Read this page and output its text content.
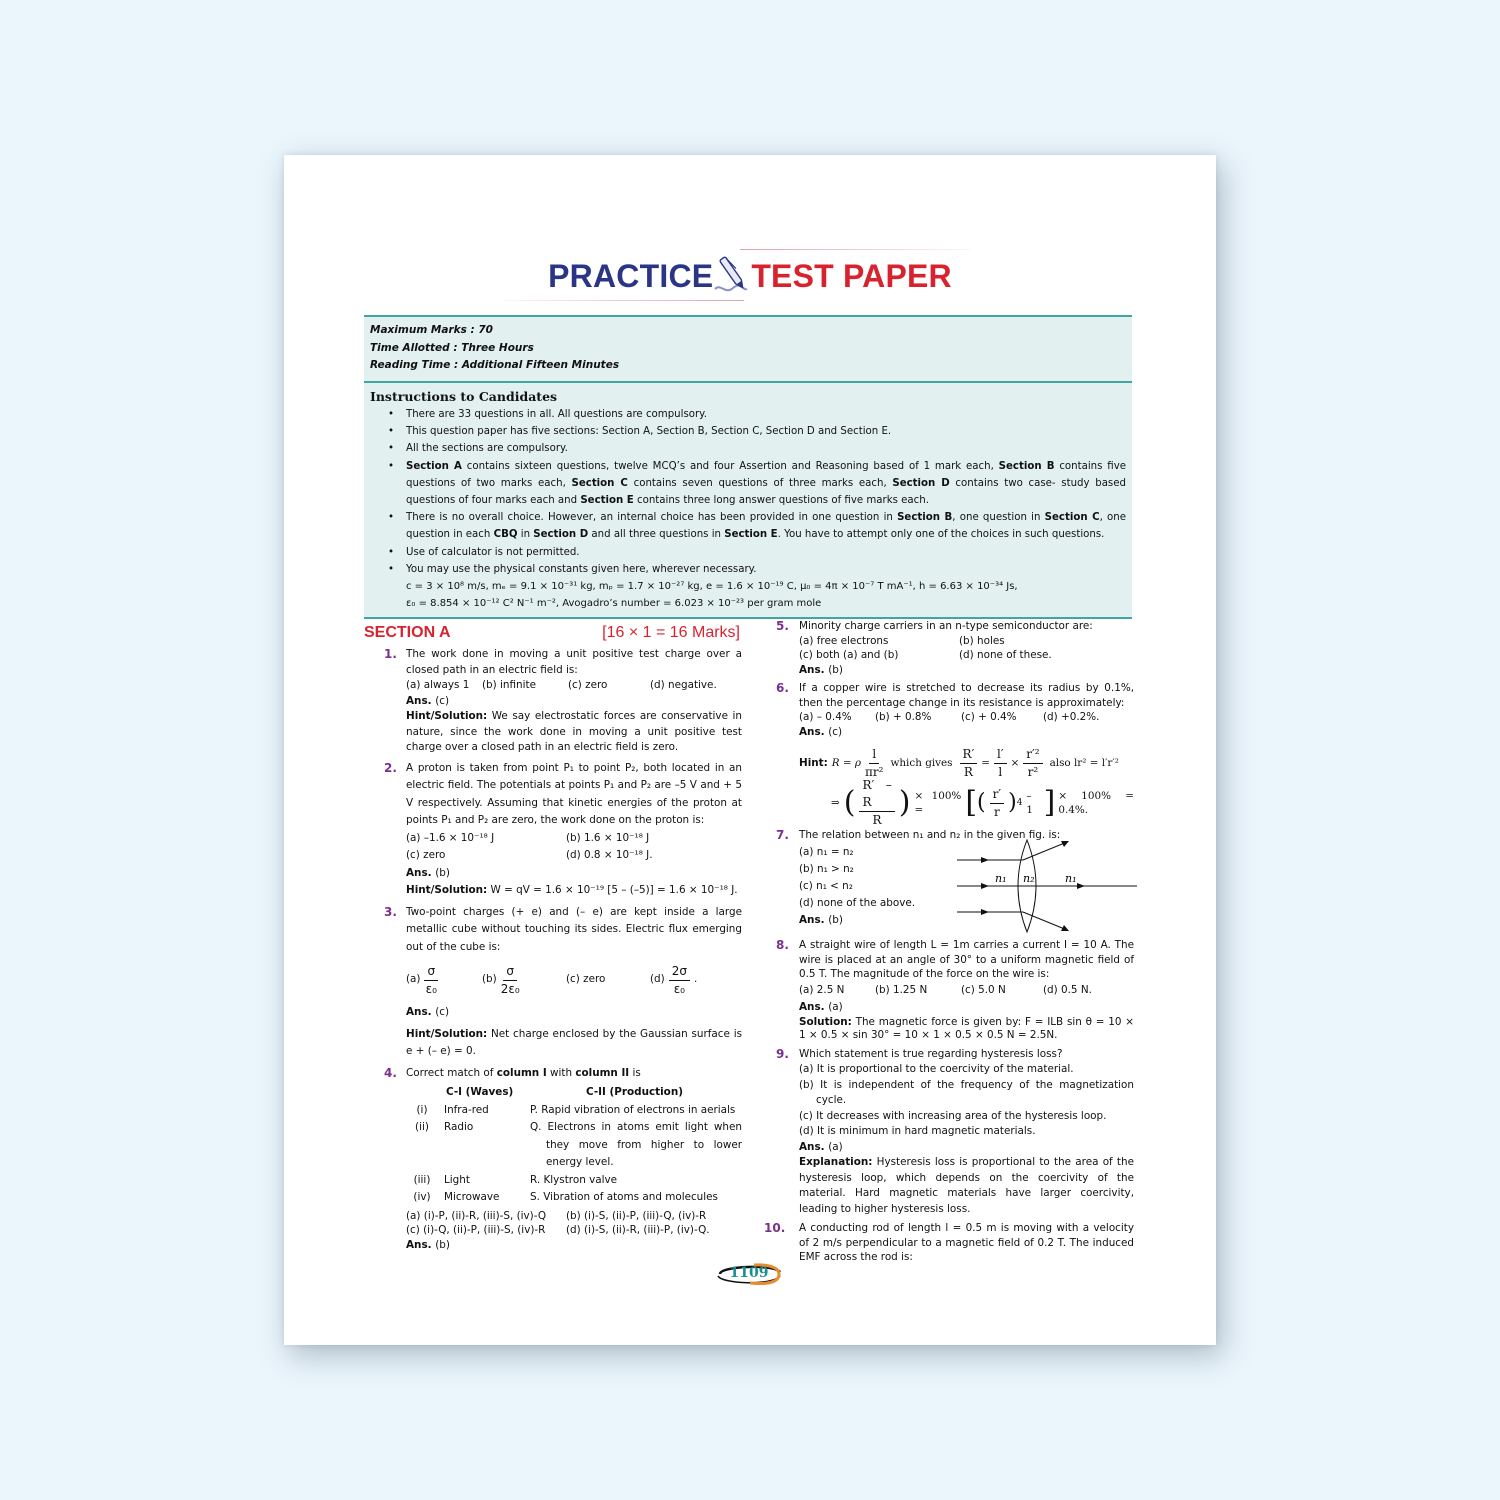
PRACTICE TEST PAPER
Maximum Marks : 70
Time Allotted : Three Hours
Reading Time : Additional Fifteen Minutes
Instructions to Candidates
• There are 33 questions in all. All questions are compulsory.
• This question paper has five sections: Section A, Section B, Section C, Section D and Section E.
• All the sections are compulsory.
• Section A contains sixteen questions, twelve MCQ’s and four Assertion and Reasoning based of 1 mark each, Section B contains five questions of two marks each, Section C contains seven questions of three marks each, Section D contains two case- study based questions of four marks each and Section E contains three long answer questions of five marks each.
• There is no overall choice. However, an internal choice has been provided in one question in Section B, one question in Section C, one question in each CBQ in Section D and all three questions in Section E. You have to attempt only one of the choices in such questions.
• Use of calculator is not permitted.
• You may use the physical constants given here, wherever necessary.
c = 3 × 10⁸ m/s, mₑ = 9.1 × 10⁻³¹ kg, mₚ = 1.7 × 10⁻²⁷ kg, e = 1.6 × 10⁻¹⁹ C, μ₀ = 4π × 10⁻⁷ T mA⁻¹, h = 6.63 × 10⁻³⁴ Js,
ε₀ = 8.854 × 10⁻¹² C² N⁻¹ m⁻², Avogadro’s number = 6.023 × 10⁻²³ per gram mole
SECTION A	[16 × 1 = 16 Marks]
1. The work done in moving a unit positive test charge over a closed path in an electric field is:
(a) always 1	(b) infinite	(c) zero	(d) negative.
Ans. (c)
Hint/Solution: We say electrostatic forces are conservative in nature, since the work done in moving a unit positive test charge over a closed path in an electric field is zero.
2. A proton is taken from point P₁ to point P₂, both located in an electric field. The potentials at points P₁ and P₂ are –5 V and + 5 V respectively. Assuming that kinetic energies of the proton at points P₁ and P₂ are zero, the work done on the proton is:
(a) –1.6 × 10⁻¹⁸ J	(b) 1.6 × 10⁻¹⁸ J
(c) zero	(d) 0.8 × 10⁻¹⁸ J.
Ans. (b)
Hint/Solution: W = qV = 1.6 × 10⁻¹⁹ [5 – (–5)] = 1.6 × 10⁻¹⁸ J.
3. Two-point charges (+ e) and (– e) are kept inside a large metallic cube without touching its sides. Electric flux emerging out of the cube is:
$(a) \frac{\sigma}{\text{ε₀}}$	$(b) \frac{\sigma}{\text{2ε₀}}$	(c) zero	$(d) \frac{2\sigma}{\text{ε₀}}$ .
Ans. (c)
Hint/Solution: Net charge enclosed by the Gaussian surface is e + (– e) = 0.
4. Correct match of column I with column II is
C-I (Waves)	C-II (Production)
(i)	Infra-red	P. Rapid vibration of electrons in aerials
(ii)	Radio	Q. Electrons in atoms emit light when they move from higher to lower energy level.
(iii)	Light	R. Klystron valve
(iv)	Microwave	S. Vibration of atoms and molecules
(a) (i)-P, (ii)-R, (iii)-S, (iv)-Q	(b) (i)-S, (ii)-P, (iii)-Q, (iv)-R
(c) (i)-Q, (ii)-P, (iii)-S, (iv)-R	(d) (i)-S, (ii)-R, (iii)-P, (iv)-Q.
Ans. (b)
5. Minority charge carriers in an n-type semiconductor are:
(a) free electrons	(b) holes
(c) both (a) and (b)	(d) none of these.
Ans. (b)
6. If a copper wire is stretched to decrease its radius by 0.1%, then the percentage change in its resistance is approximately:
(a) – 0.4%	(b) + 0.8%	(c) + 0.4%	(d) +0.2%.
Ans. (c)
Hint: R = ρ $\frac{l}{\text{πr²}}$ which gives $\frac{R'}{R} = \frac{l'}{l} \times \frac{\text{r′²}}{\text{r²}}$ also lr² = l′r′²
⇒ ( $\frac{R' - R}{R}$ ) × 100% =	[ ( $\frac{r'}{r}$ ) 4
– 1 ] × 100% = 0.4%.
7. The relation between n₁ and n₂ in the given fig. is:
(a) n₁ = n₂
(b) n₁ > n₂
(c) n₁ < n₂
(d) none of the above.
Ans. (b)
n₁ n₂	n₁
8. A straight wire of length L = 1m carries a current I = 10 A. The wire is placed at an angle of 30° to a uniform magnetic field of 0.5 T. The magnitude of the force on the wire is:
(a) 2.5 N	(b) 1.25 N	(c) 5.0 N	(d) 0.5 N.
Ans. (a)
Solution: The magnetic force is given by: F = ILB sin θ = 10 × 1 × 0.5 × sin 30° = 10 × 1 × 0.5 × 0.5 N = 2.5N.
9. Which statement is true regarding hysteresis loss?
(a) It is proportional to the coercivity of the material.
(b) It is independent of the frequency of the magnetization cycle.
(c) It decreases with increasing area of the hysteresis loop.
(d) It is minimum in hard magnetic materials.
Ans. (a)
Explanation: Hysteresis loss is proportional to the area of the hysteresis loop, which depends on the coercivity of the material. Hard magnetic materials have larger coercivity, leading to higher hysteresis loss.
10. A conducting rod of length l = 0.5 m is moving with a velocity of 2 m/s perpendicular to a magnetic field of 0.2 T. The induced EMF across the rod is:
1109
